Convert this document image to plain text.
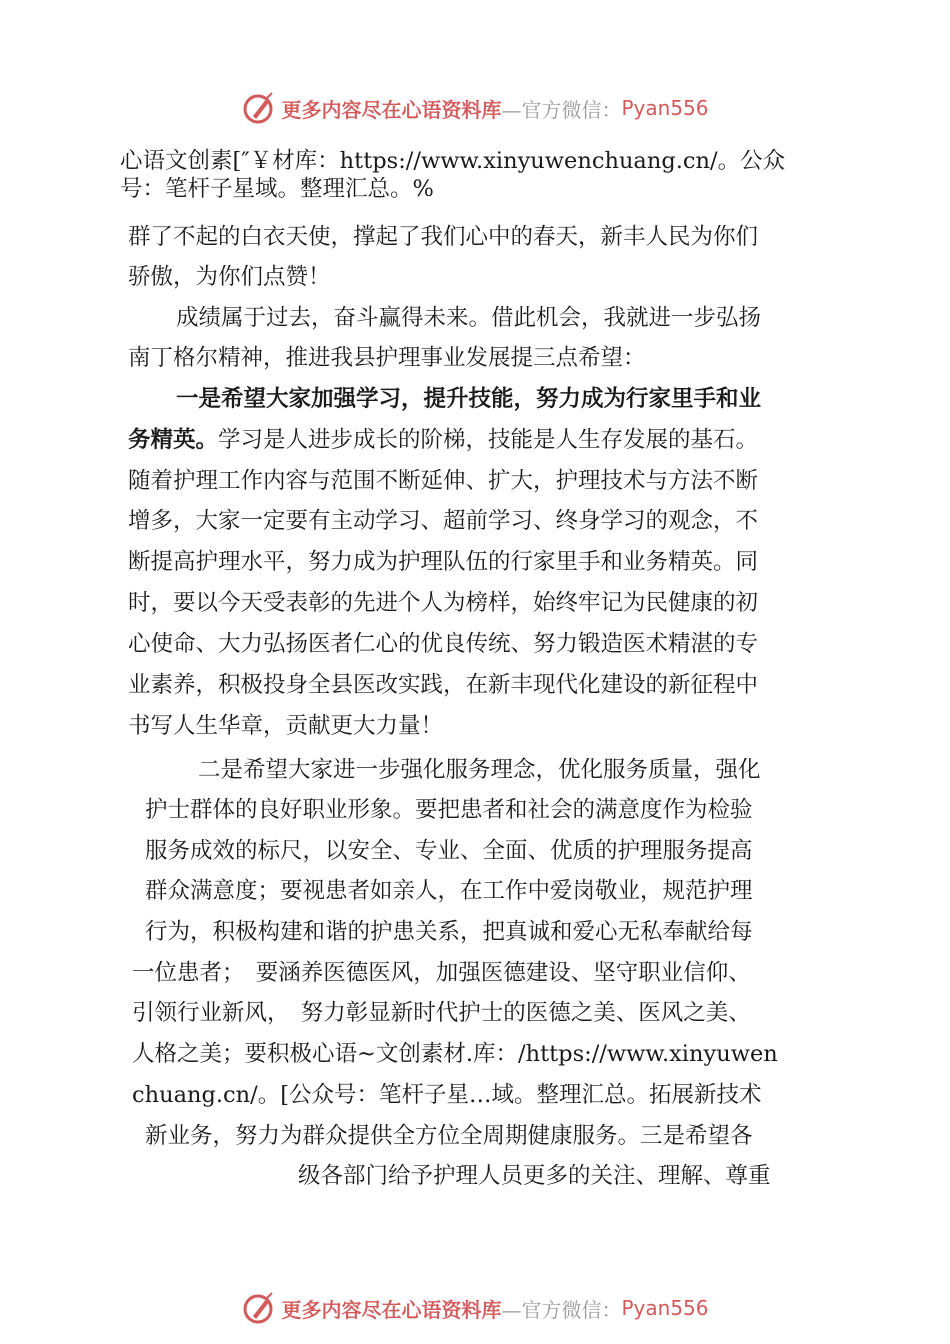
更多内容尽在心语资料库 —官方微信： Pyan556
心语文创素[″￥材库：https://www.xinyuwenchuang.cn/。公众
号：笔杆子星域。整理汇总。%
群了不起的白衣天使，撑起了我们心中的春天，新丰人民为你们
骄傲，为你们点赞！
成绩属于过去，奋斗赢得未来。借此机会，我就进一步弘扬
南丁格尔精神，推进我县护理事业发展提三点希望：
一是希望大家加强学习，提升技能，努力成为行家里手和业
务精英。学习是人进步成长的阶梯，技能是人生存发展的基石。
随着护理工作内容与范围不断延伸、扩大，护理技术与方法不断
增多，大家一定要有主动学习、超前学习、终身学习的观念，不
断提高护理水平，努力成为护理队伍的行家里手和业务精英。同
时，要以今天受表彰的先进个人为榜样，始终牢记为民健康的初
心使命、大力弘扬医者仁心的优良传统、努力锻造医术精湛的专
业素养，积极投身全县医改实践，在新丰现代化建设的新征程中
书写人生华章，贡献更大力量！
二是希望大家进一步强化服务理念，优化服务质量，强化
护士群体的良好职业形象。要把患者和社会的满意度作为检验
服务成效的标尺，以安全、专业、全面、优质的护理服务提高
群众满意度；要视患者如亲人，在工作中爱岗敬业，规范护理
行为，积极构建和谐的护患关系，把真诚和爱心无私奉献给每
一位患者；　要涵养医德医风，加强医德建设、坚守职业信仰、
引领行业新风，　努力彰显新时代护士的医德之美、医风之美、
人格之美；要积极心语~文创素材.库：/https://www.xinyuwen
chuang.cn/。[公众号：笔杆子星…域。整理汇总。拓展新技术
新业务，努力为群众提供全方位全周期健康服务。三是希望各
级各部门给予护理人员更多的关注、理解、尊重
更多内容尽在心语资料库 —官方微信： Pyan556
